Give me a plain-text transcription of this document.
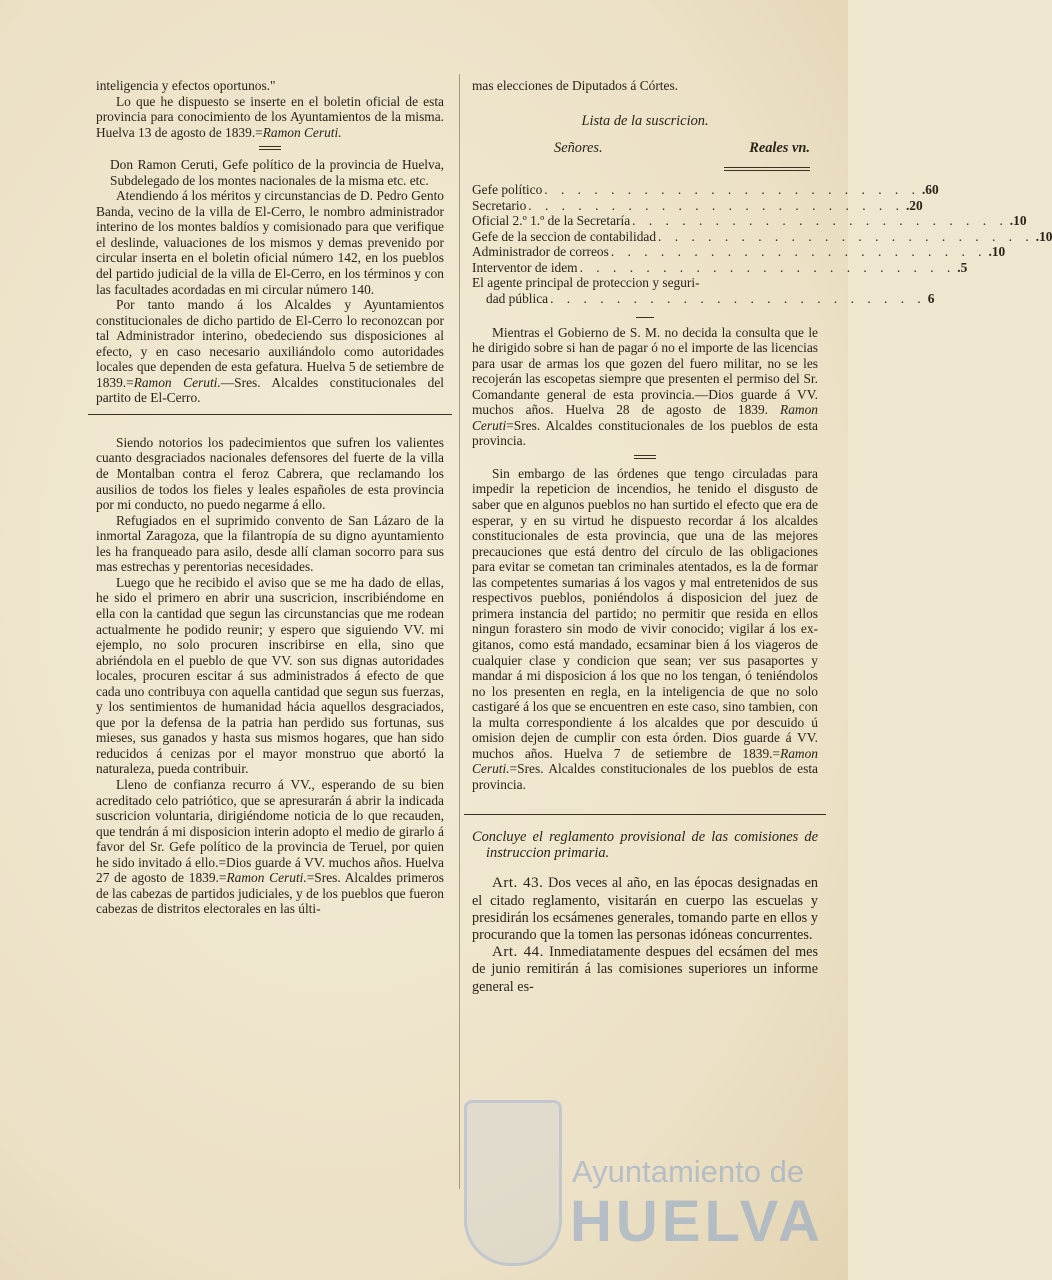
inteligencia y efectos oportunos."

Lo que he dispuesto se inserte en el boletin oficial de esta provincia para conocimiento de los Ayuntamientos de la misma. Huelva 13 de agosto de 1839.=Ramon Ceruti.

Don Ramon Ceruti, Gefe político de la provincia de Huelva, Subdelegado de los montes nacionales de la misma etc. etc.

Atendiendo á los méritos y circunstancias de D. Pedro Gento Banda, vecino de la villa de El-Cerro, le nombro administrador interino de los montes baldíos y comisionado para que verifique el deslinde, valuaciones de los mismos y demas prevenido por circular inserta en el boletin oficial número 142, en los pueblos del partido judicial de la villa de El-Cerro, en los términos y con las facultades acordadas en mi circular número 140.

Por tanto mando á los Alcaldes y Ayuntamientos constitucionales de dicho partido de El-Cerro lo reconozcan por tal Administrador interino, obedeciendo sus disposiciones al efecto, y en caso necesario auxiliándolo como autoridades locales que dependen de esta gefatura. Huelva 5 de setiembre de 1839.=Ramon Ceruti.—Sres. Alcaldes constitucionales del partito de El-Cerro.

Siendo notorios los padecimientos que sufren los valientes cuanto desgraciados nacionales defensores del fuerte de la villa de Montalban contra el feroz Cabrera, que reclamando los ausilios de todos los fieles y leales españoles de esta provincia por mi conducto, no puedo negarme á ello.

Refugiados en el suprimido convento de San Lázaro de la inmortal Zaragoza, que la filantropía de su digno ayuntamiento les ha franqueado para asilo, desde allí claman socorro para sus mas estrechas y perentorias necesidades.

Luego que he recibido el aviso que se me ha dado de ellas, he sido el primero en abrir una suscricion, inscribiéndome en ella con la cantidad que segun las circunstancias que me rodean actualmente he podido reunir; y espero que siguiendo VV. mi ejemplo, no solo procuren inscribirse en ella, sino que abriéndola en el pueblo de que VV. son sus dignas autoridades locales, procuren escitar á sus administrados á efecto de que cada uno contribuya con aquella cantidad que segun sus fuerzas, y los sentimientos de humanidad hácia aquellos desgraciados, que por la defensa de la patria han perdido sus fortunas, sus mieses, sus ganados y hasta sus mismos hogares, que han sido reducidos á cenizas por el mayor monstruo que abortó la naturaleza, pueda contribuir.

Lleno de confianza recurro á VV., esperando de su bien acreditado celo patriótico, que se apresurarán á abrir la indicada suscricion voluntaria, dirigiéndome noticia de lo que recauden, que tendrán á mi disposicion interin adopto el medio de girarlo á favor del Sr. Gefe político de la provincia de Teruel, por quien he sido invitado á ello.=Dios guarde á VV. muchos años. Huelva 27 de agosto de 1839.=Ramon Ceruti.=Sres. Alcaldes primeros de las cabezas de partidos judiciales, y de los pueblos que fueron cabezas de distritos electorales en las últi-

mas elecciones de Diputados á Córtes.

Lista de la suscricion.

Señores.	Reales vn.
Gefe político . . . . . . . . . . . . . . . . . . . . . . . .60
Secretario . . . . . . . . . . . . . . . . . . . . . . . .20
Oficial 2.º 1.º de la Secretaría . . . . . . . . . . . . . . . . . . . . . . . .10
Gefe de la seccion de contabilidad . . . . . . . . . . . . . . . . . . . . . . . .10
Administrador de correos . . . . . . . . . . . . . . . . . . . . . . . .10
Interventor de idem . . . . . . . . . . . . . . . . . . . . . . . .5
El agente principal de proteccion y seguri-
dad pública . . . . . . . . . . . . . . . . . . . . . . . 6

Mientras el Gobierno de S. M. no decida la consulta que le he dirigido sobre si han de pagar ó no el importe de las licencias para usar de armas los que gozen del fuero militar, no se les recojerán las escopetas siempre que presenten el permiso del Sr. Comandante general de esta provincia.—Dios guarde á VV. muchos años. Huelva 28 de agosto de 1839. Ramon Ceruti=Sres. Alcaldes constitucionales de los pueblos de esta provincia.

Sin embargo de las órdenes que tengo circuladas para impedir la repeticion de incendios, he tenido el disgusto de saber que en algunos pueblos no han surtido el efecto que era de esperar, y en su virtud he dispuesto recordar á los alcaldes constitucionales de esta provincia, que una de las mejores precauciones que está dentro del círculo de las obligaciones para evitar se cometan tan criminales atentados, es la de formar las competentes sumarias á los vagos y mal entretenidos de sus respectivos pueblos, poniéndolos á disposicion del juez de primera instancia del partido; no permitir que resida en ellos ningun forastero sin modo de vivir conocido; vigilar á los ex-gitanos, como está mandado, ecsaminar bien á los viageros de cualquier clase y condicion que sean; ver sus pasaportes y mandar á mi disposicion á los que no los tengan, ó teniéndolos no los presenten en regla, en la inteligencia de que no solo castigaré á los que se encuentren en este caso, sino tambien, con la multa correspondiente á los alcaldes que por descuido ú omision dejen de cumplir con esta órden. Dios guarde á VV. muchos años. Huelva 7 de setiembre de 1839.=Ramon Ceruti.=Sres. Alcaldes constitucionales de los pueblos de esta provincia.

Concluye el reglamento provisional de las comisiones de instruccion primaria.

Art. 43. Dos veces al año, en las épocas designadas en el citado reglamento, visitarán en cuerpo las escuelas y presidirán los ecsámenes generales, tomando parte en ellos y procurando que la tomen las personas idóneas concurrentes.

Art. 44. Inmediatamente despues del ecsámen del mes de junio remitirán á las comisiones superiores un informe general es-

Ayuntamiento de
HUELVA
